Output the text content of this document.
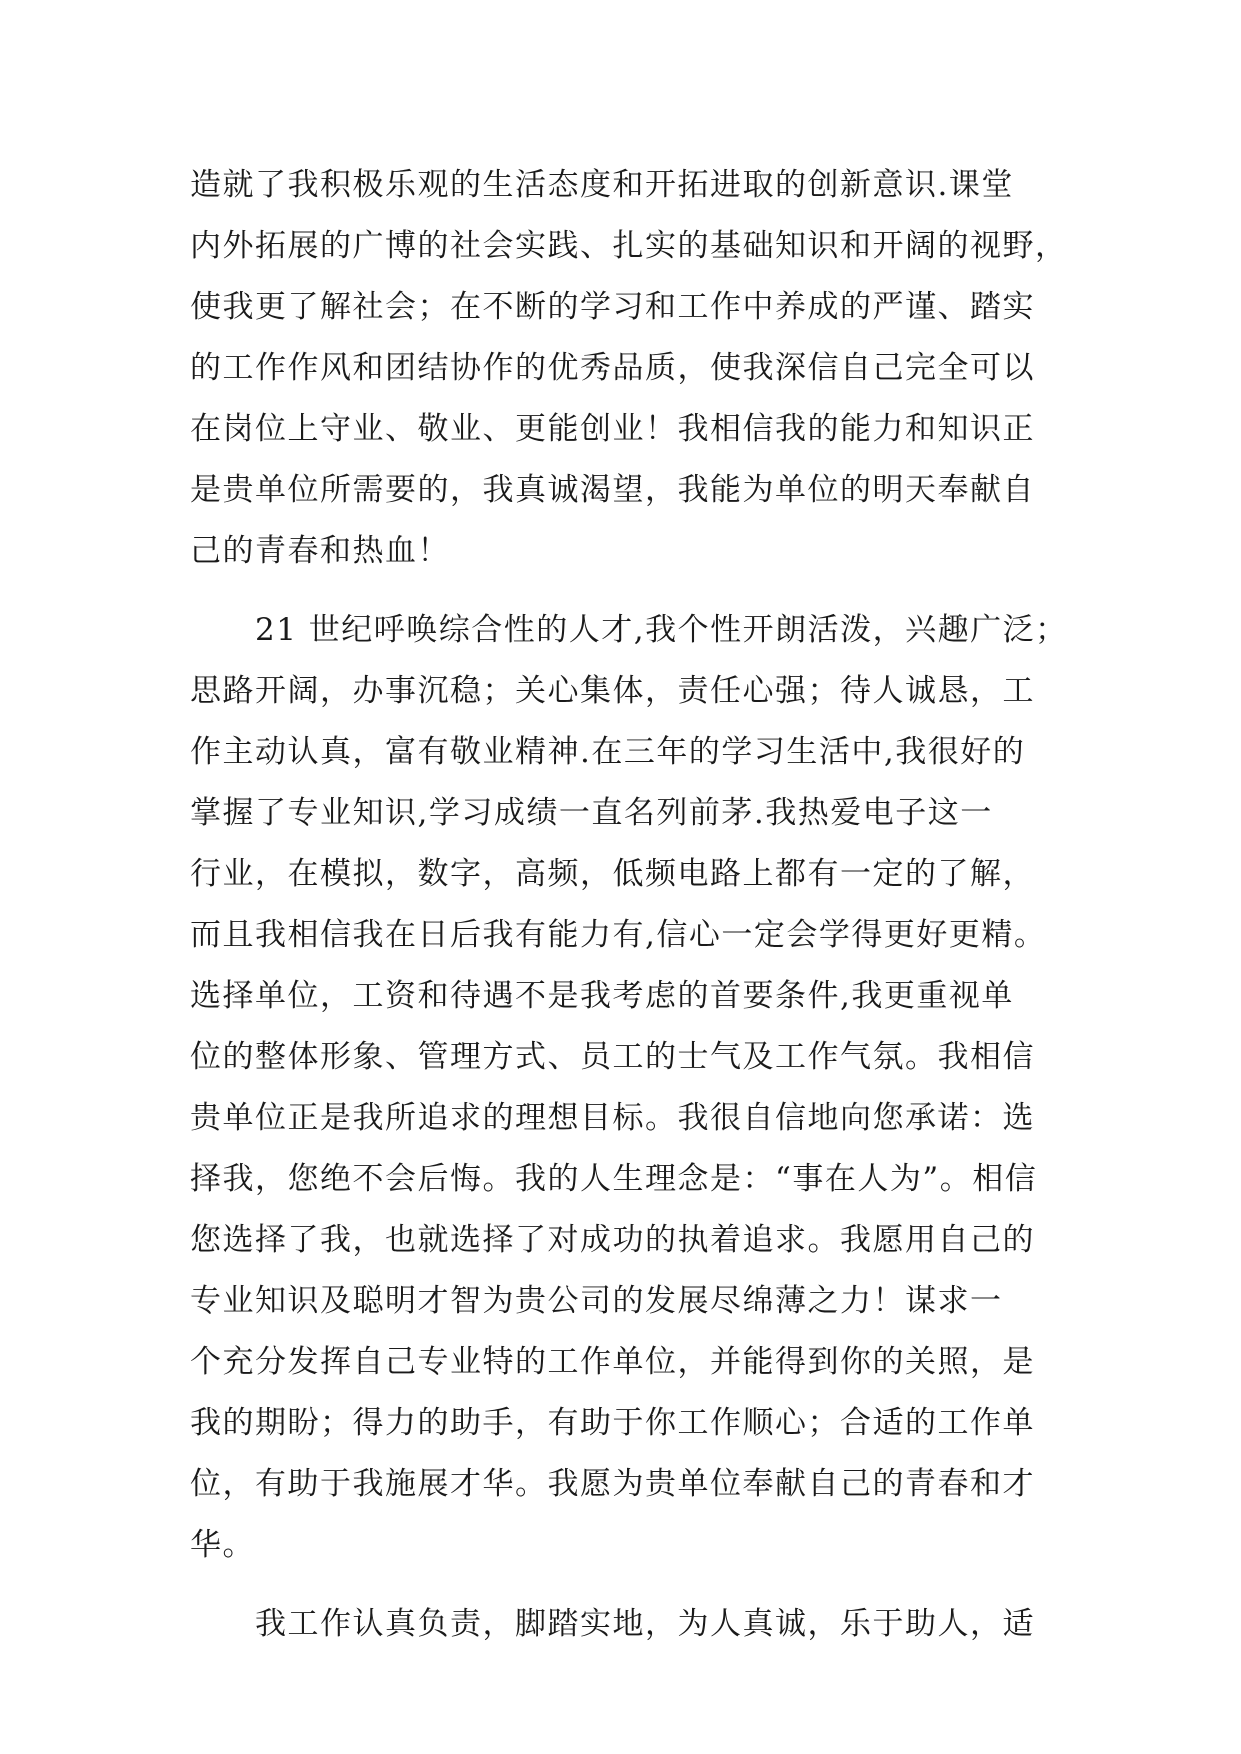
造就了我积极乐观的生活态度和开拓进取的创新意识.课堂
内外拓展的广博的社会实践、扎实的基础知识和开阔的视野，
使我更了解社会；在不断的学习和工作中养成的严谨、踏实
的工作作风和团结协作的优秀品质，使我深信自己完全可以
在岗位上守业、敬业、更能创业！我相信我的能力和知识正
是贵单位所需要的，我真诚渴望，我能为单位的明天奉献自
己的青春和热血！
　　21 世纪呼唤综合性的人才,我个性开朗活泼，兴趣广泛；
思路开阔，办事沉稳；关心集体，责任心强；待人诚恳，工
作主动认真，富有敬业精神.在三年的学习生活中,我很好的
掌握了专业知识,学习成绩一直名列前茅.我热爱电子这一
行业，在模拟，数字，高频，低频电路上都有一定的了解，
而且我相信我在日后我有能力有,信心一定会学得更好更精。
选择单位，工资和待遇不是我考虑的首要条件,我更重视单
位的整体形象、管理方式、员工的士气及工作气氛。我相信
贵单位正是我所追求的理想目标。我很自信地向您承诺：选
择我，您绝不会后悔。我的人生理念是：“事在人为”。相信
您选择了我，也就选择了对成功的执着追求。我愿用自己的
专业知识及聪明才智为贵公司的发展尽绵薄之力！谋求一
个充分发挥自己专业特的工作单位，并能得到你的关照，是
我的期盼；得力的助手，有助于你工作顺心；合适的工作单
位，有助于我施展才华。我愿为贵单位奉献自己的青春和才
华。
　　我工作认真负责，脚踏实地，为人真诚，乐于助人，适
